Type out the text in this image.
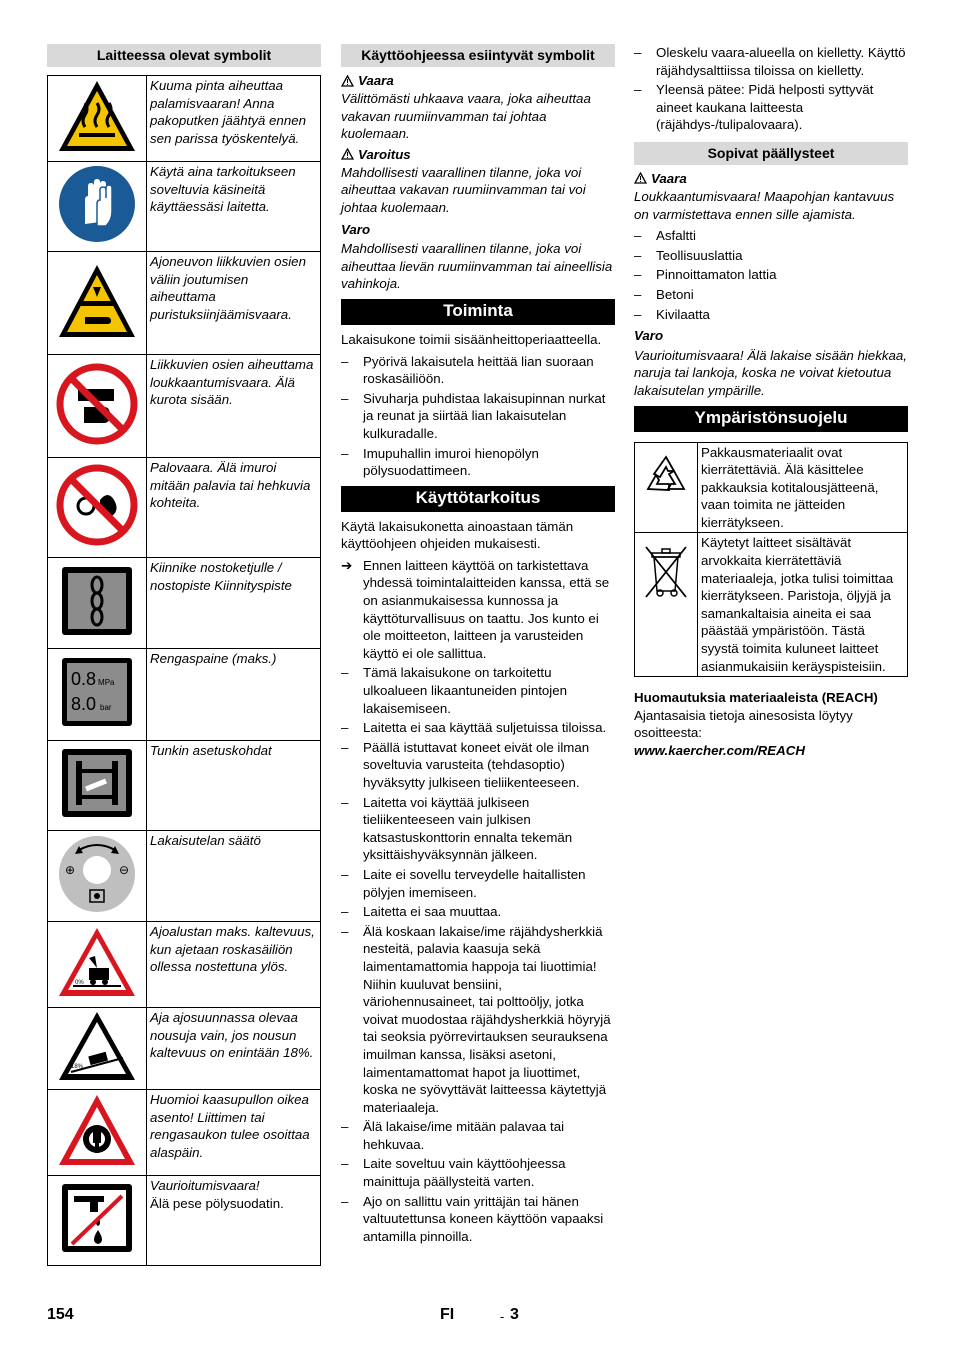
Laitteessa olevat symbolit
	Kuuma pinta aiheuttaa palamisvaaran! Anna pakoputken jäähtyä ennen sen parissa työskentelyä.
	Käytä aina tarkoitukseen soveltuvia käsineitä käyttäessäsi laitetta.
	Ajoneuvon liikkuvien osien väliin joutumisen aiheuttama puristuksiinjäämisvaara.
	Liikkuvien osien aiheuttama loukkaantumisvaara. Älä kurota sisään.
	Palovaara. Älä imuroi mitään palavia tai hehkuvia kohteita.
	Kiinnike nostoketjulle / nostopiste Kiinnityspiste

0.8 MPa
8.0 bar	Rengaspaine (maks.)
	Tunkin asetuskohdat

⊕ ⊖	Lakaisutelan säätö

0%	Ajoalustan maks. kaltevuus, kun ajetaan roskasäiliön ollessa nostettuna ylös.

18%	Aja ajosuunnassa olevaa nousuja vain, jos nousun kaltevuus on enintään 18%.
	Huomioi kaasupullon oikea asento! Liittimen tai rengasaukon tulee osoittaa alaspäin.

Vaurioitumisvaara!
Älä pese pölysuodatin.
Käyttöohjeessa esiintyvät symbolit
Vaara

Välittömästi uhkaava vaara, joka aiheuttaa vakavan ruumiinvamman tai johtaa kuolemaan.

Varoitus

Mahdollisesti vaarallinen tilanne, joka voi aiheuttaa vakavan ruumiinvamman tai voi johtaa kuolemaan.

Varo

Mahdollisesti vaarallinen tilanne, joka voi aiheuttaa lievän ruumiinvamman tai aineellisia vahinkoja.

Toiminta

Lakaisukone toimii sisäänheittoperiaatteella.

– Pyörivä lakaisutela heittää lian suoraan roskasäiliöön.
– Sivuharja puhdistaa lakaisupinnan nurkat ja reunat ja siirtää lian lakaisutelan kulkuradalle.
– Imupuhallin imuroi hienopölyn pölysuodattimeen.
Käyttötarkoitus

Käytä lakaisukonetta ainoastaan tämän käyttöohjeen ohjeiden mukaisesti.

➔ Ennen laitteen käyttöä on tarkistettava yhdessä toimintalaitteiden kanssa, että se on asianmukaisessa kunnossa ja käyttöturvallisuus on taattu. Jos kunto ei ole moitteeton, laitteen ja varusteiden käyttö ei ole sallittua.
– Tämä lakaisukone on tarkoitettu ulkoalueen likaantuneiden pintojen lakaisemiseen.
– Laitetta ei saa käyttää suljetuissa tiloissa.
– Päällä istuttavat koneet eivät ole ilman soveltuvia varusteita (tehdasoptio) hyväksytty julkiseen tieliikenteeseen.
– Laitetta voi käyttää julkiseen tieliikenteeseen vain julkisen katsastuskonttorin ennalta tekemän yksittäishyväksynnän jälkeen.
– Laite ei sovellu terveydelle haitallisten pölyjen imemiseen.
– Laitetta ei saa muuttaa.
– Älä koskaan lakaise/ime räjähdysherkkiä nesteitä, palavia kaasuja sekä laimentamattomia happoja tai liuottimia! Niihin kuuluvat bensiini, väriohennusaineet, tai polttoöljy, jotka voivat muodostaa räjähdysherkkiä höyryjä tai seoksia pyörrevirtauksen seurauksena imuilman kanssa, lisäksi asetoni, laimentamattomat hapot ja liuottimet, koska ne syövyttävät laitteessa käytettyjä materiaaleja.
– Älä lakaise/ime mitään palavaa tai hehkuvaa.
– Laite soveltuu vain käyttöohjeessa mainittuja päällysteitä varten.
– Ajo on sallittu vain yrittäjän tai hänen valtuutettunsa koneen käyttöön vapaaksi antamilla pinnoilla.
– Oleskelu vaara-alueella on kielletty. Käyttö räjähdysalttiissa tiloissa on kielletty.
– Yleensä pätee: Pidä helposti syttyvät aineet kaukana laitteesta (räjähdys-/tulipalovaara).
Sopivat päällysteet
Vaara

Loukkaantumisvaara! Maapohjan kantavuus on varmistettava ennen sille ajamista.

– Asfaltti
– Teollisuuslattia
– Pinnoittamaton lattia
– Betoni
– Kivilaatta

Varo

Vaurioitumisvaara! Älä lakaise sisään hiekkaa, naruja tai lankoja, koska ne voivat kietoutua lakaisutelan ympärille.

Ympäristönsuojelu
	Pakkausmateriaalit ovat kierrätettäviä. Älä käsittelee pakkauksia kotitalousjätteenä, vaan toimita ne jätteiden kierrätykseen.
	Käytetyt laitteet sisältävät arvokkaita kierrätettäviä materiaaleja, jotka tulisi toimittaa kierrätykseen. Paristoja, öljyjä ja samankaltaisia aineita ei saa päästää ympäristöön. Tästä syystä toimita kuluneet laitteet asianmukaisiin keräyspisteisiin.

Huomautuksia materiaaleista (REACH)

Ajantasaisia tietoja ainesosista löytyy osoitteesta:

www.kaercher.com/REACH

154	FI	- 3
